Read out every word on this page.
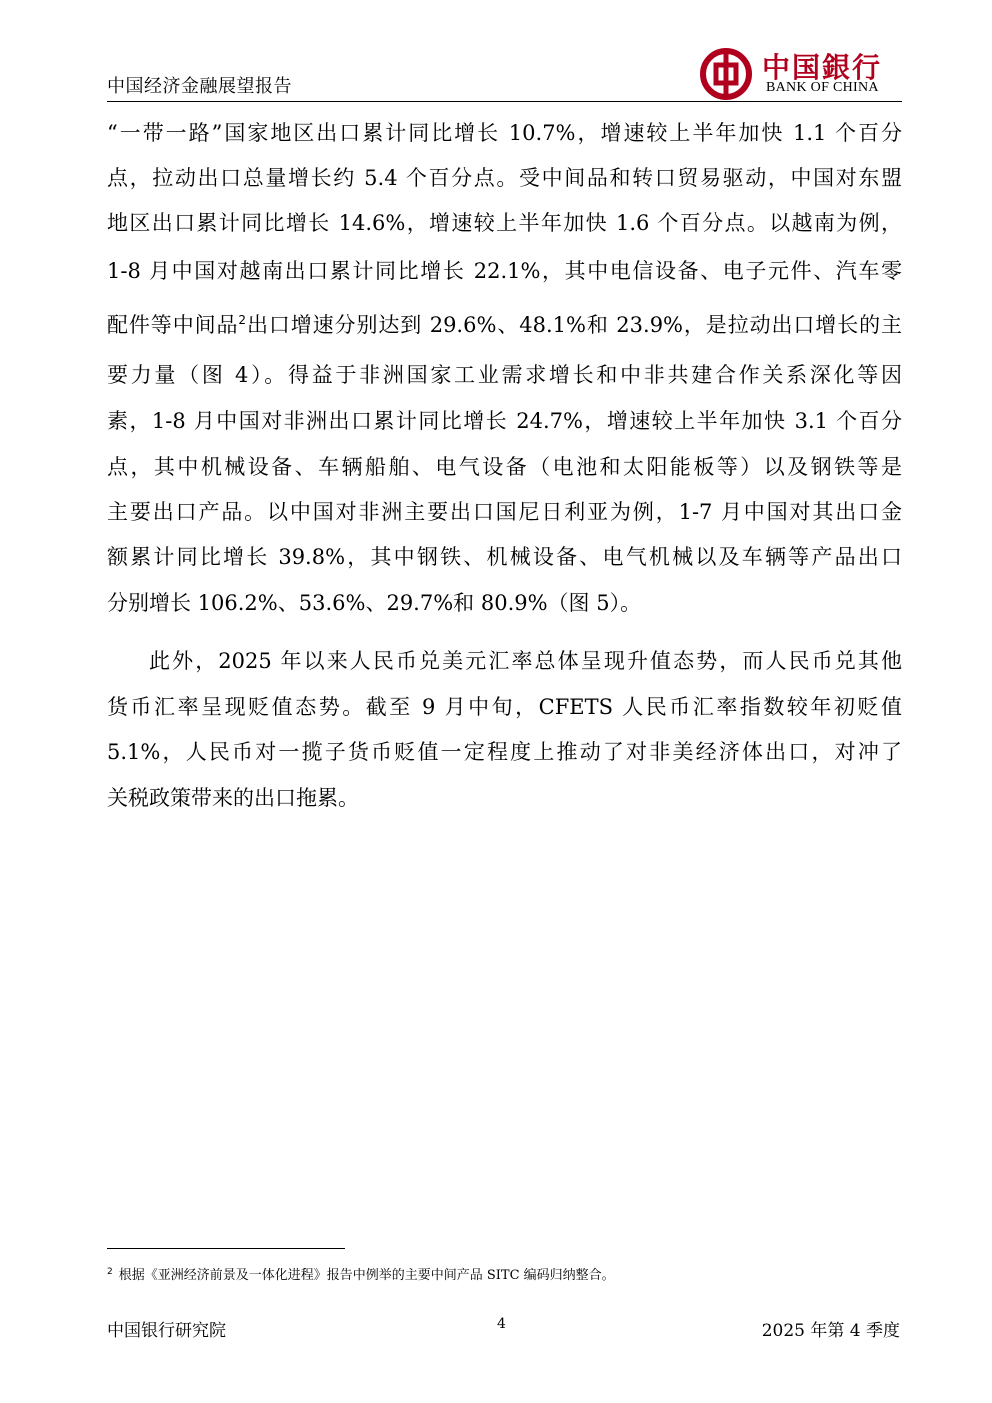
中国经济金融展望报告
中国銀行
BANK OF CHINA
“一带一路”国家地区出口累计同比增长 10.7%，增速较上半年加快 1.1 个百分
点，拉动出口总量增长约 5.4 个百分点。受中间品和转口贸易驱动，中国对东盟
地区出口累计同比增长 14.6%，增速较上半年加快 1.6 个百分点。以越南为例，
1-8 月中国对越南出口累计同比增长 22.1%，其中电信设备、电子元件、汽车零
配件等中间品$^2$出口增速分别达到 29.6%、48.1%和 23.9%，是拉动出口增长的主
要力量（图 4）。得益于非洲国家工业需求增长和中非共建合作关系深化等因
素，1-8 月中国对非洲出口累计同比增长 24.7%，增速较上半年加快 3.1 个百分
点，其中机械设备、车辆船舶、电气设备（电池和太阳能板等）以及钢铁等是
主要出口产品。以中国对非洲主要出口国尼日利亚为例，1-7 月中国对其出口金
额累计同比增长 39.8%，其中钢铁、机械设备、电气机械以及车辆等产品出口
分别增长 106.2%、53.6%、29.7%和 80.9%（图 5）。
此外，2025 年以来人民币兑美元汇率总体呈现升值态势，而人民币兑其他
货币汇率呈现贬值态势。截至 9 月中旬，CFETS 人民币汇率指数较年初贬值
5.1%，人民币对一揽子货币贬值一定程度上推动了对非美经济体出口，对冲了
关税政策带来的出口拖累。
$^2$ 根据《亚洲经济前景及一体化进程》报告中例举的主要中间产品 SITC 编码归纳整合。
中国银行研究院	4	2025 年第 4 季度
